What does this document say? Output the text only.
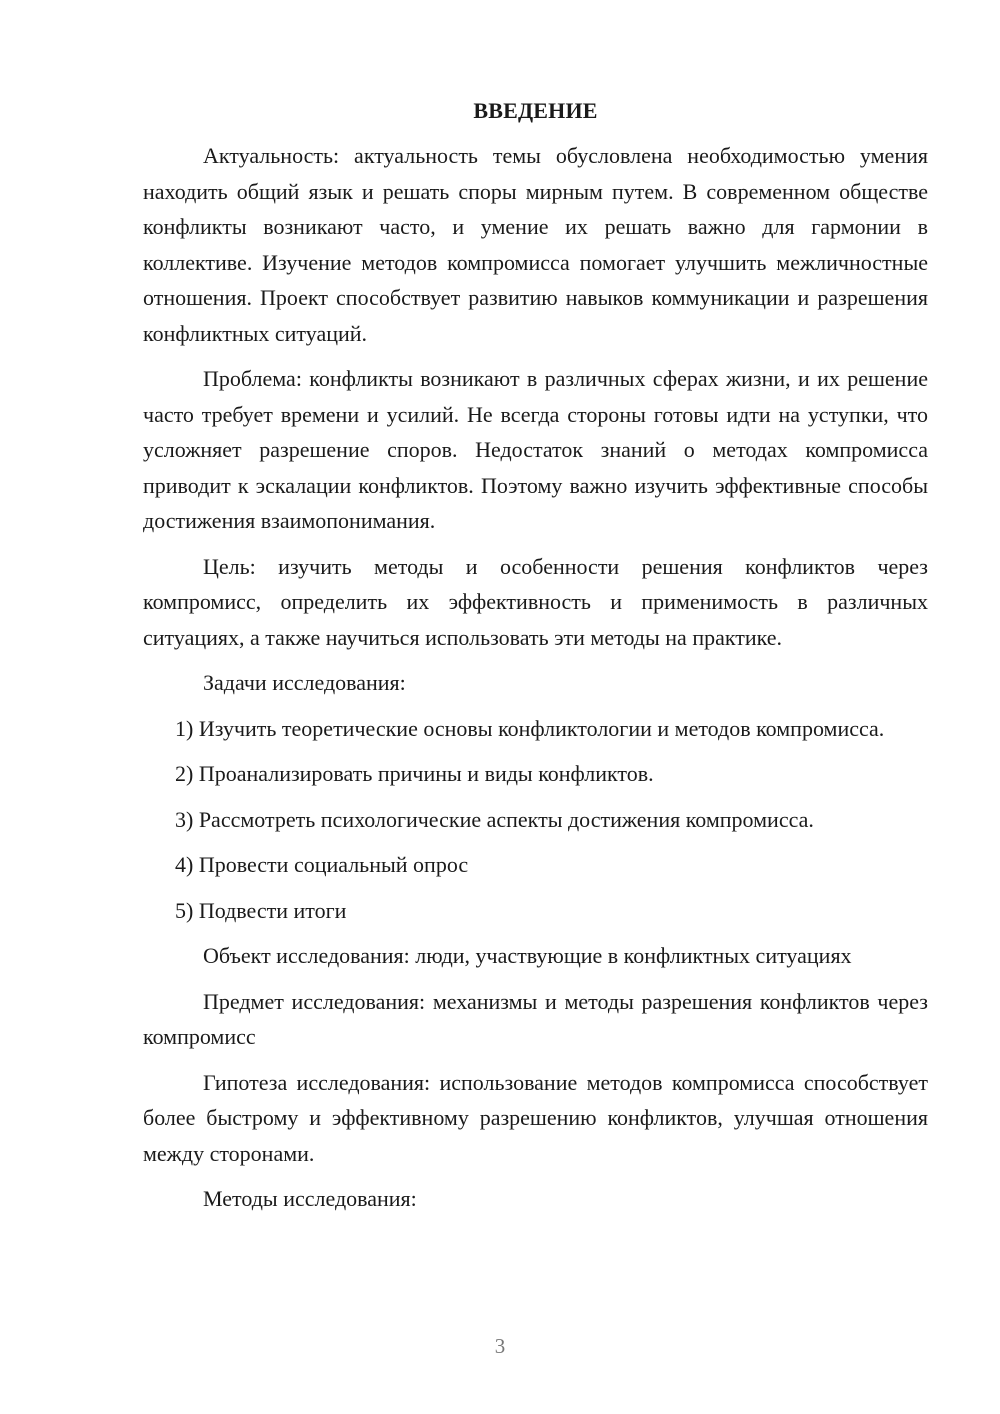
ВВЕДЕНИЕ

Актуальность: актуальность темы обусловлена необходимостью умения находить общий язык и решать споры мирным путем. В современном обществе конфликты возникают часто, и умение их решать важно для гармонии в коллективе. Изучение методов компромисса помогает улучшить межличностные отношения. Проект способствует развитию навыков коммуникации и разрешения конфликтных ситуаций.

Проблема: конфликты возникают в различных сферах жизни, и их решение часто требует времени и усилий. Не всегда стороны готовы идти на уступки, что усложняет разрешение споров. Недостаток знаний о методах компромисса приводит к эскалации конфликтов. Поэтому важно изучить эффективные способы достижения взаимопонимания.

Цель: изучить методы и особенности решения конфликтов через компромисс, определить их эффективность и применимость в различных ситуациях, а также научиться использовать эти методы на практике.

Задачи исследования:

1) Изучить теоретические основы конфликтологии и методов компромисса.

2) Проанализировать причины и виды конфликтов.

3) Рассмотреть психологические аспекты достижения компромисса.

4) Провести социальный опрос

5) Подвести итоги

Объект исследования: люди, участвующие в конфликтных ситуациях

Предмет исследования: механизмы и методы разрешения конфликтов через компромисс

Гипотеза исследования: использование методов компромисса способствует более быстрому и эффективному разрешению конфликтов, улучшая отношения между сторонами.

Методы исследования:

3
